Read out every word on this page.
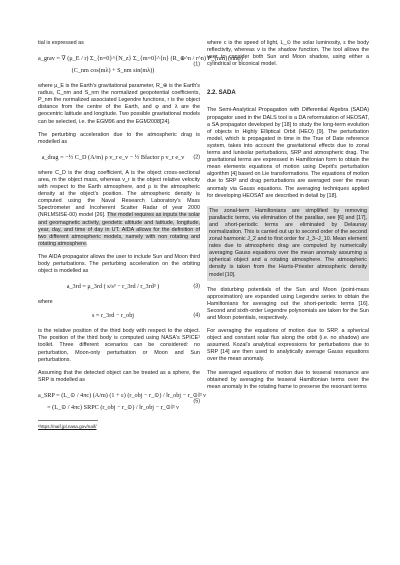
tial is expressed as

a_grav = ∇ (μ_E / r) Σ_{n=0}^{N_z} Σ_{m=0}^{n} (R_⊕^n / r^n) P_{nm}(sinφ) ·
(C_nm cos(mλ) + S_nm sin(mλ))
(1)

where μ_E is the Earth's gravitational parameter, R_⊕ is the Earth's radius, C_nm and S_nm the normalized geopotential coefficients, P_nm the normalized associated Legendre functions, r is the object distance from the centre of the Earth, and φ and λ are the geocentric latitude and longitude. Two possible gravitational models can be selected, i.e. the EGM96 and the EGM2008[24].

The perturbing acceleration due to the atmospheric drag is modelled as

a_drag = −½ C_D (A/m) ρ v_r e_v − ½ Bfactor ρ v_r e_v	(2)

where C_D is the drag coefficient, A is the object cross-sectional area, m the object mass, whereas v_r is the object relative velocity with respect to the Earth atmosphere, and ρ is the atmospheric density at the object's position. The atmospheric density is computed using the Naval Research Laboratory's Mass Spectrometer and Incoherent Scatter Radar of year 2000 (NRLMSISE-00) model [26]. The model requires as inputs the solar and geomagnetic activity, geodetic altitude and latitude, longitude, year, day, and time of day in UT. AIDA allows for the definition of two different atmospheric models, namely with non rotating and rotating atmosphere.

The AIDA propagator allows the user to include Sun and Moon third body perturbations. The perturbing acceleration on the orbiting object is modelled as

a_3rd = μ_3rd ( s/s³ − r_3rd / r_3rd³ )	(3)

where

s = r_3rd − r_obj	(4)

is the relative position of the third body with respect to the object. The position of the third body is computed using NASA's SPICE¹ toolkit. Three different scenarios can be considered: no perturbation, Moon-only perturbation or Moon and Sun perturbations.

Assuming that the detected object can be treated as a sphere, the SRP is modelled as

a_SRP = (L_⊙ / 4πc) (A/m) (1 + ε) (r_obj − r_⊙) / ‖r_obj − r_⊙‖³ ν
= (L_⊙ / 4πc) SRPC (r_obj − r_⊙) / ‖r_obj − r_⊙‖³ ν
(5)
¹https://naif.jpl.nasa.gov/naif/

where c is the speed of light, L_⊙ the solar luminosity, ε the body reflectivity, whereas ν is the shadow function. The tool allows the user to consider both Sun and Moon shadow, using either a cylindrical or biconical model.

2.2. SADA

The Semi-Analytical Propagation with Differential Algebra (SADA) propagator used in the DALS tool is a DA reformulation of HEOSAT, a SA propagator developed by [18] to study the long-term evolution of objects in Highly Elliptical Orbit (HEO) [9]. The perturbation model, which is propagated in time in the True of Date reference system, takes into account the gravitational effects due to zonal terms and lunisolar perturbations, SRP and atmospheric drag. The gravitational terms are expressed in Hamiltonian form to obtain the mean elements equations of motion using Deprit's perturbation algorithm [4] based on Lie transformations. The equations of motion due to SRP and drag perturbations are averaged over the mean anomaly via Gauss equations. The averaging techniques applied for developing HEOSAT are described in detail by [18].

The zonal-term Hamiltonians are simplified by removing parallactic terms, via elimination of the parallax, see [6] and [17], and short-periodic terms are eliminated by Delaunay normalization. This is carried out up to second order of the second zonal harmonic J_2 and to first order for J_3–J_10. Mean element rates due to atmospheric drag are computed by numerically averaging Gauss equations over the mean anomaly assuming a spherical object and a rotating atmosphere. The atmospheric density is taken from the Harris-Priester atmospheric density model [10].

The disturbing potentials of the Sun and Moon (point-mass approximation) are expanded using Legendre series to obtain the Hamiltonians for averaging out the short-periodic terms [16]. Second and sixth-order Legendre polynomials are taken for the Sun and Moon potentials, respectively.

For averaging the equations of motion due to SRP, a spherical object and constant solar flux along the orbit (i.e. no shadow) are assumed. Kozai's analytical expressions for perturbations due to SRP [14] are then used to analytically average Gauss equations over the mean anomaly.

The averaged equations of motion due to tesseral resonance are obtained by averaging the tesseral Hamiltonian terms over the mean anomaly in the rotating frame to preserve the resonant terms
